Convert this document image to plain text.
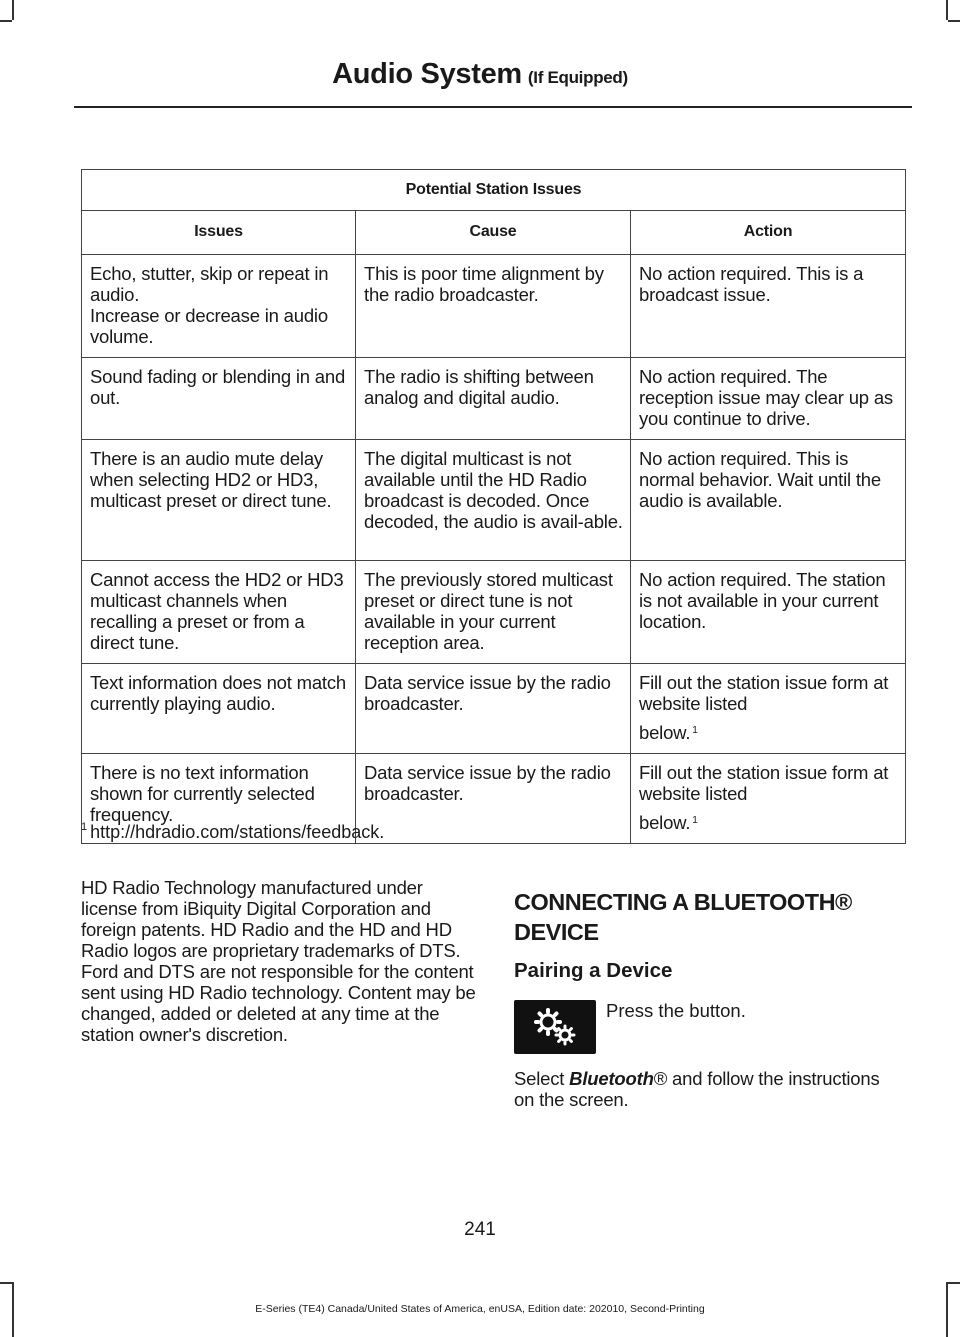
Audio System (If Equipped)
Potential Station Issues		
Issues	Cause	Action

Echo, stutter, skip or repeat in audio.
Increase or decrease in audio volume.	This is poor time alignment by the radio broadcaster.	No action required. This is a broadcast issue.
Sound fading or blending in and out.	The radio is shifting between analog and digital audio.	No action required. The reception issue may clear up as you continue to drive.
There is an audio mute delay when selecting HD2 or HD3, multicast preset or direct tune.	The digital multicast is not available until the HD Radio broadcast is decoded. Once decoded, the audio is avail-able.	No action required. This is normal behavior. Wait until the audio is available.
Cannot access the HD2 or HD3 multicast channels when recalling a preset or from a direct tune.	The previously stored multicast preset or direct tune is not available in your current reception area.	No action required. The station is not available in your current location.
Text information does not match currently playing audio.	Data service issue by the radio broadcaster.	Fill out the station issue form at website listed
below. $^1$
There is no text information shown for currently selected frequency.	Data service issue by the radio broadcaster.	Fill out the station issue form at website listed
below. $^1$
$^1$ http://hdradio.com/stations/feedback.
HD Radio Technology manufactured under license from iBiquity Digital Corporation and foreign patents. HD Radio and the HD and HD Radio logos are proprietary trademarks of DTS. Ford and DTS are not responsible for the content sent using HD Radio technology. Content may be changed, added or deleted at any time at the station owner's discretion.
CONNECTING A BLUETOOTH® DEVICE
Pairing a Device
Press the button.
Select Bluetooth® and follow the instructions on the screen.
241
E-Series (TE4) Canada/United States of America, enUSA, Edition date: 202010, Second-Printing
